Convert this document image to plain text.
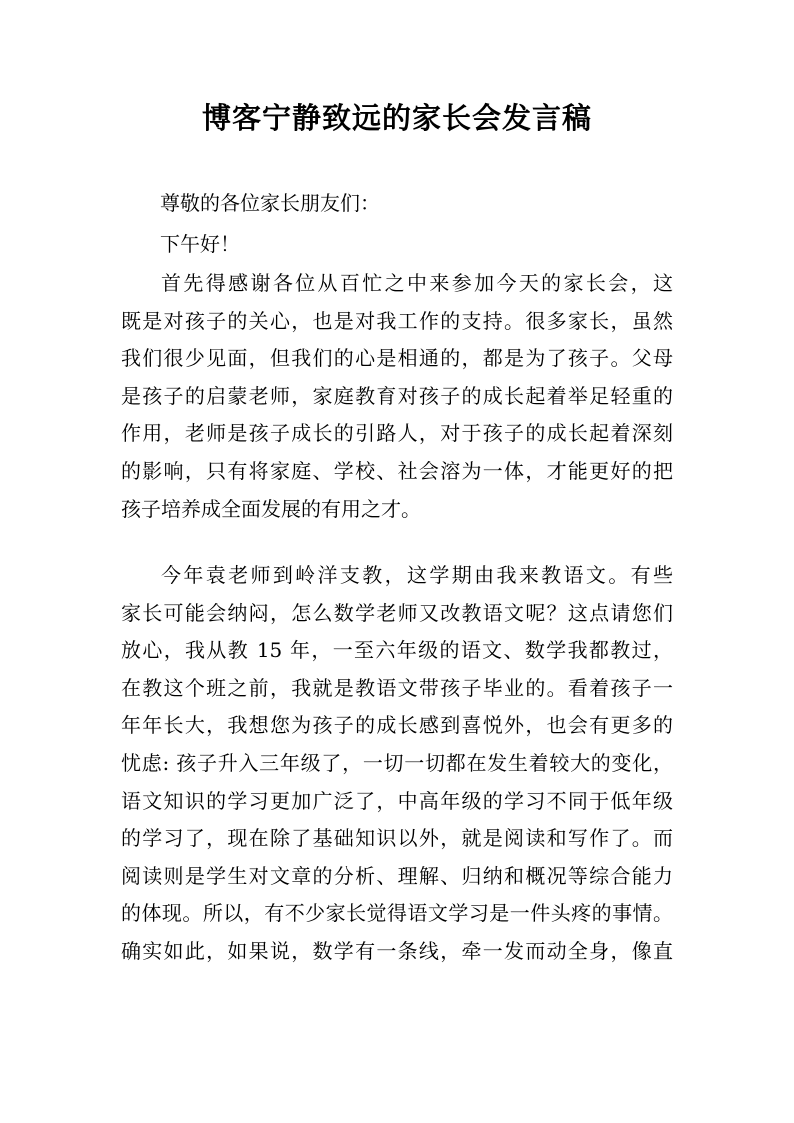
博客宁静致远的家长会发言稿
尊敬的各位家长朋友们：
下午好！
首先得感谢各位从百忙之中来参加今天的家长会，这
既是对孩子的关心，也是对我工作的支持。很多家长，虽然
我们很少见面，但我们的心是相通的，都是为了孩子。父母
是孩子的启蒙老师，家庭教育对孩子的成长起着举足轻重的
作用，老师是孩子成长的引路人，对于孩子的成长起着深刻
的影响，只有将家庭、学校、社会溶为一体，才能更好的把
孩子培养成全面发展的有用之才。
今年袁老师到岭洋支教，这学期由我来教语文。有些
家长可能会纳闷，怎么数学老师又改教语文呢？这点请您们
放心，我从教 15 年，一至六年级的语文、数学我都教过，
在教这个班之前，我就是教语文带孩子毕业的。看着孩子一
年年长大，我想您为孩子的成长感到喜悦外，也会有更多的
忧虑: 孩子升入三年级了，一切一切都在发生着较大的变化，
语文知识的学习更加广泛了，中高年级的学习不同于低年级
的学习了，现在除了基础知识以外，就是阅读和写作了。而
阅读则是学生对文章的分析、理解、归纳和概况等综合能力
的体现。所以，有不少家长觉得语文学习是一件头疼的事情。
确实如此，如果说，数学有一条线，牵一发而动全身，像直
